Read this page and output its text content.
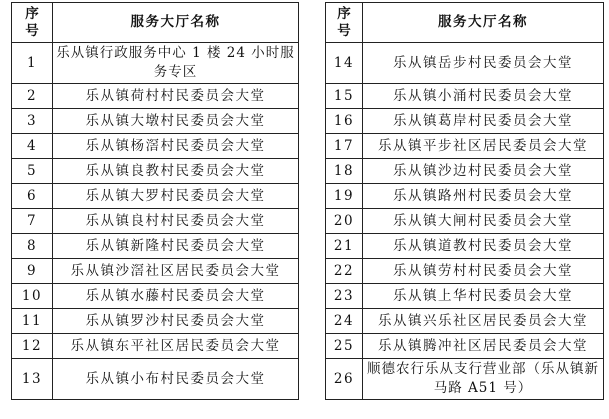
序
号	服务大厅名称
1	乐从镇行政服务中心 1 楼 24 小时服务专区
2	乐从镇荷村村民委员会大堂
3	乐从镇大墩村民委员会大堂
4	乐从镇杨滘村民委员会大堂
5	乐从镇良教村民委员会大堂
6	乐从镇大罗村民委员会大堂
7	乐从镇良村村民委员会大堂
8	乐从镇新隆村民委员会大堂
9	乐从镇沙滘社区居民委员会大堂
10	乐从镇水藤村民委员会大堂
11	乐从镇罗沙村民委员会大堂
12	乐从镇东平社区居民委员会大堂
13	乐从镇小布村民委员会大堂
序
号	服务大厅名称
14	乐从镇岳步村民委员会大堂
15	乐从镇小涌村民委员会大堂
16	乐从镇葛岸村民委员会大堂
17	乐从镇平步社区居民委员会大堂
18	乐从镇沙边村民委员会大堂
19	乐从镇路州村民委员会大堂
20	乐从镇大闸村民委员会大堂
21	乐从镇道教村民委员会大堂
22	乐从镇劳村村民委员会大堂
23	乐从镇上华村民委员会大堂
24	乐从镇兴乐社区居民委员会大堂
25	乐从镇腾冲社区居民委员会大堂
26	顺德农行乐从支行营业部（乐从镇新马路 A51 号）
